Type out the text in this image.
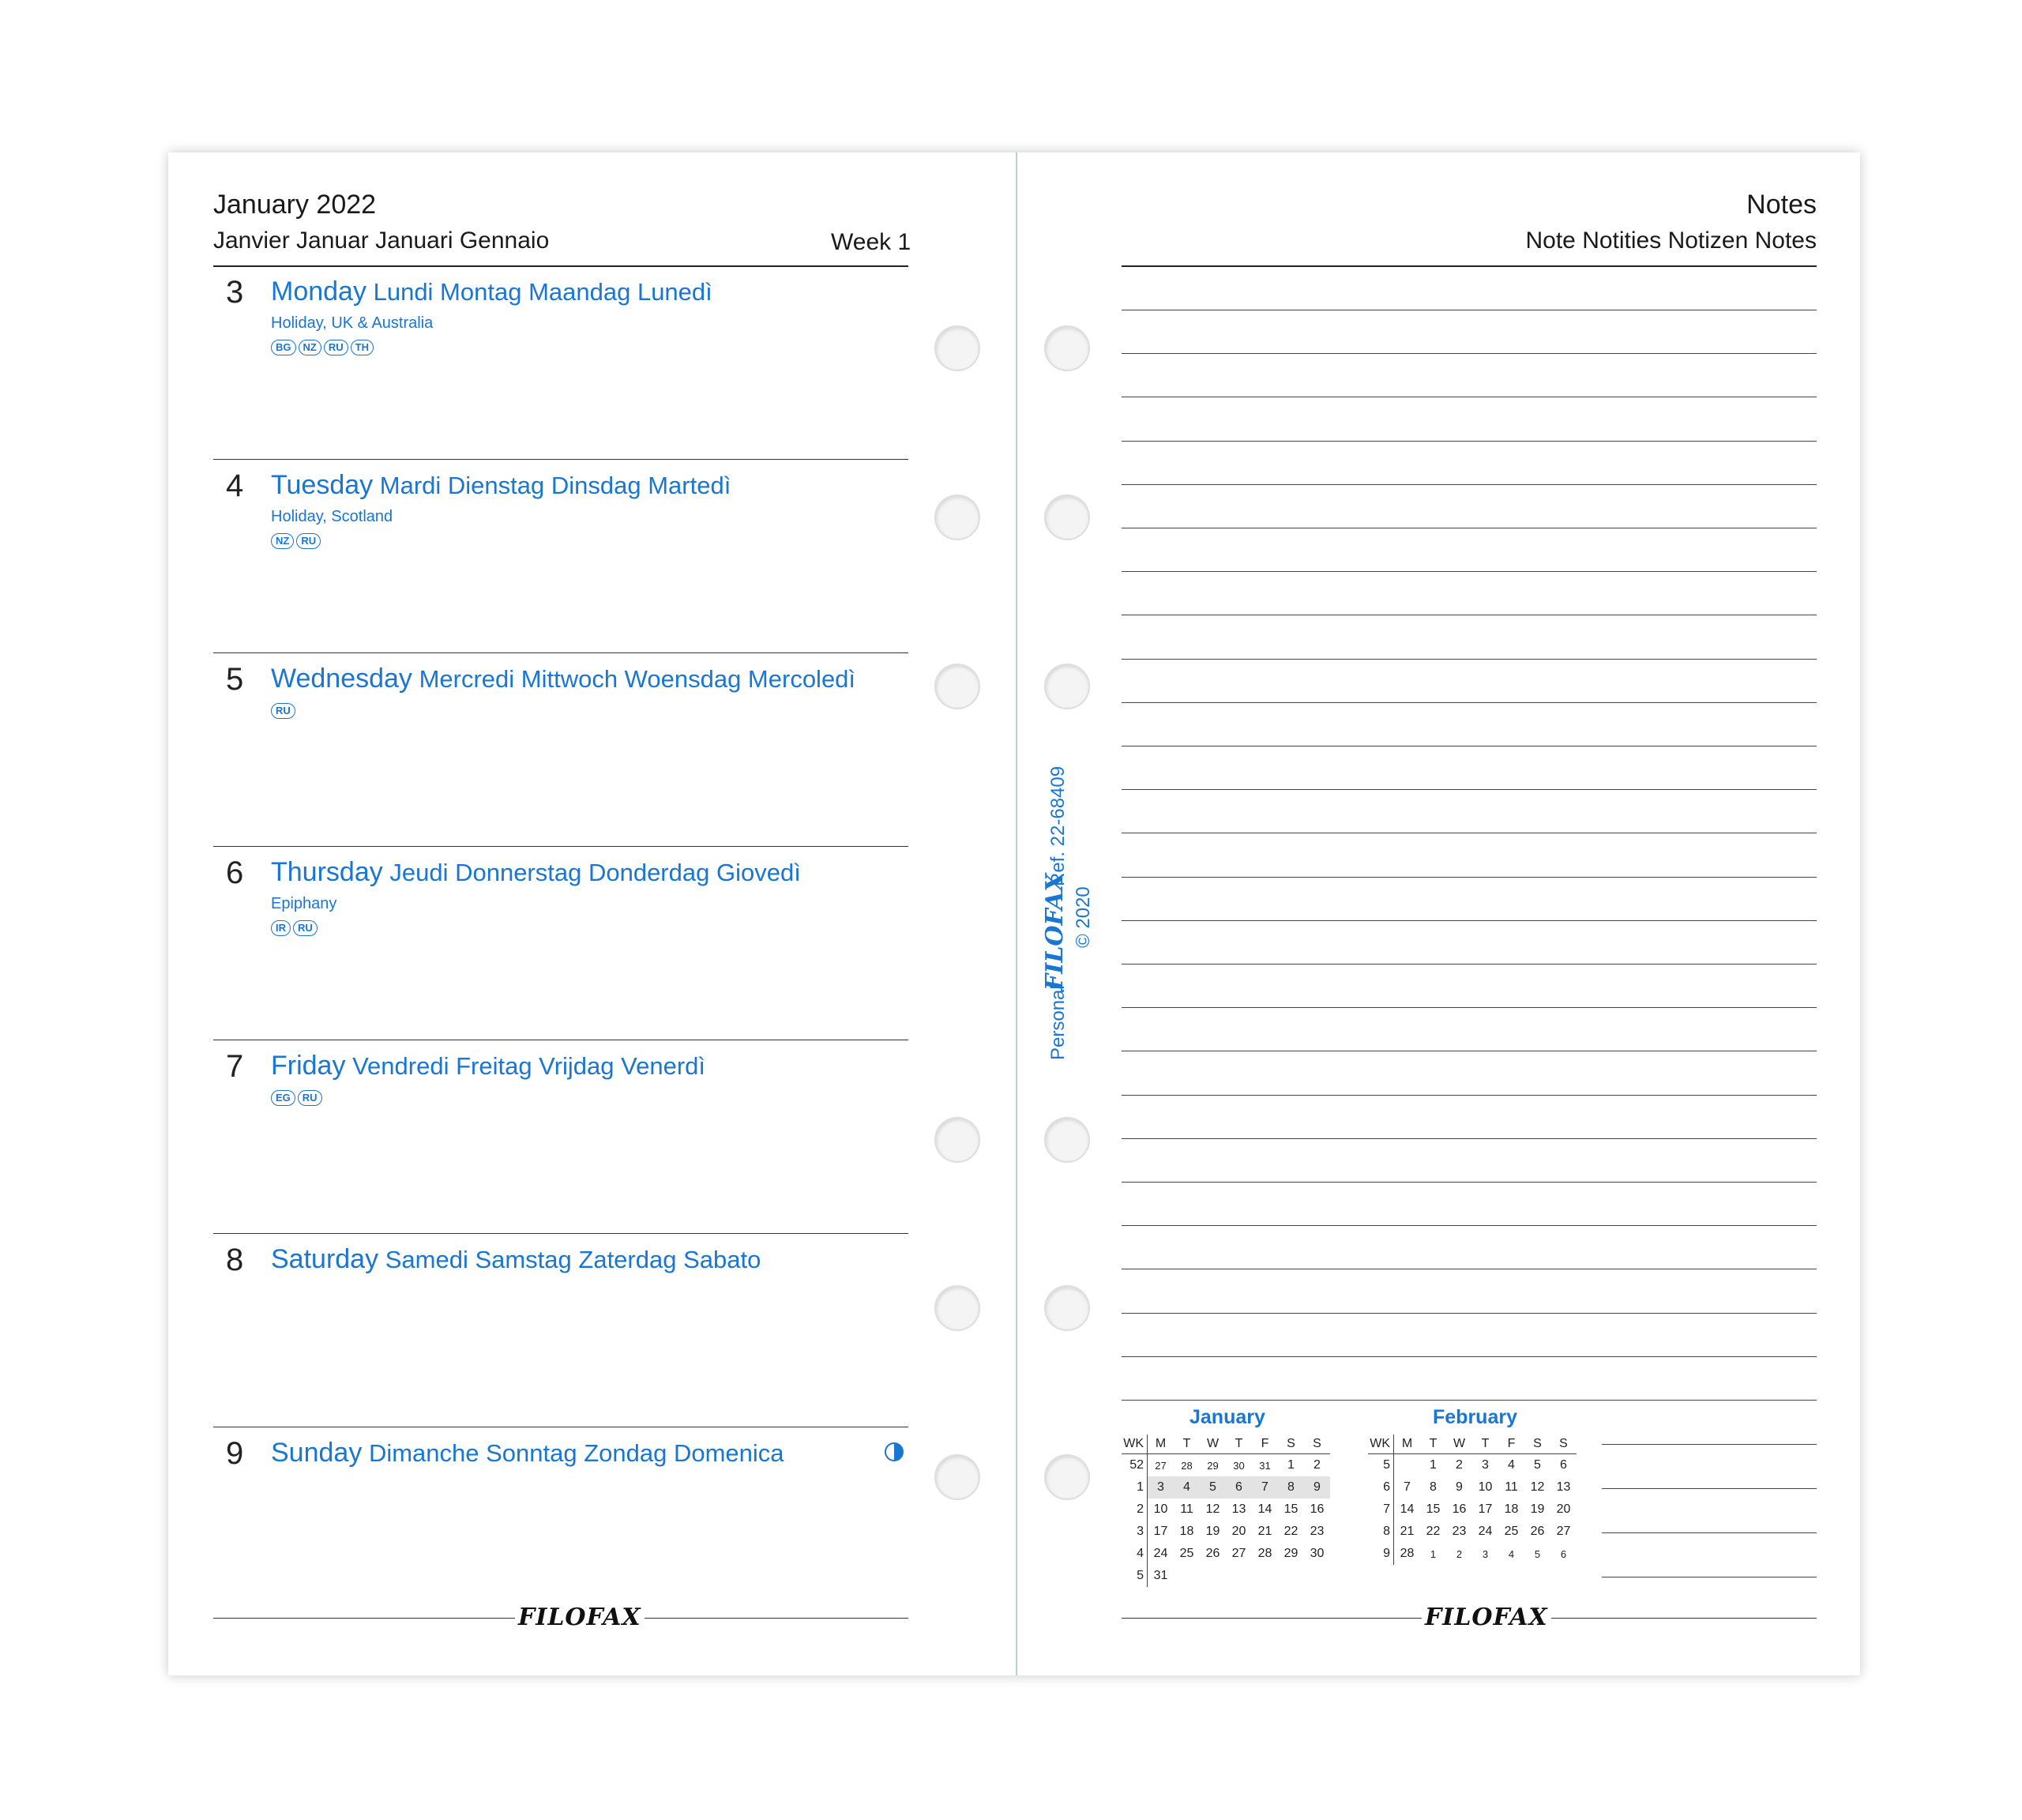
January 2022
Janvier Januar Januari Gennaio	Week 1
3 Monday Lundi Montag Maandag Lunedì
Holiday, UK & Australia
BG	NZ	RU	TH
4 Tuesday Mardi Dienstag Dinsdag Martedì
Holiday, Scotland
NZ	RU
5 Wednesday Mercredi Mittwoch Woensdag Mercoledì
RU
6 Thursday Jeudi Donnerstag Donderdag Giovedì
Epiphany
IR	RU
7 Friday Vendredi Freitag Vrijdag Venerdì
EG	RU
8 Saturday Samedi Samstag Zaterdag Sabato
9 Sunday Dimanche Sonntag Zondag Domenica
FILOFAX
Personal
FILOFAX
Ref. 22-68409
© 2020
Notes
Note Notities Notizen Notes
January	February
WK	M	T	W	T	F	S	S
52	27	28	29	30	31	1	2
1	3	4	5	6	7	8	9
2	10	11	12	13	14	15	16
3	17	18	19	20	21	22	23
4	24	25	26	27	28	29	30
5	31						
WK	M	T	W	T	F	S	S
5		1	2	3	4	5	6
6	7	8	9	10	11	12	13
7	14	15	16	17	18	19	20
8	21	22	23	24	25	26	27
9	28	1	2	3	4	5	6
FILOFAX
